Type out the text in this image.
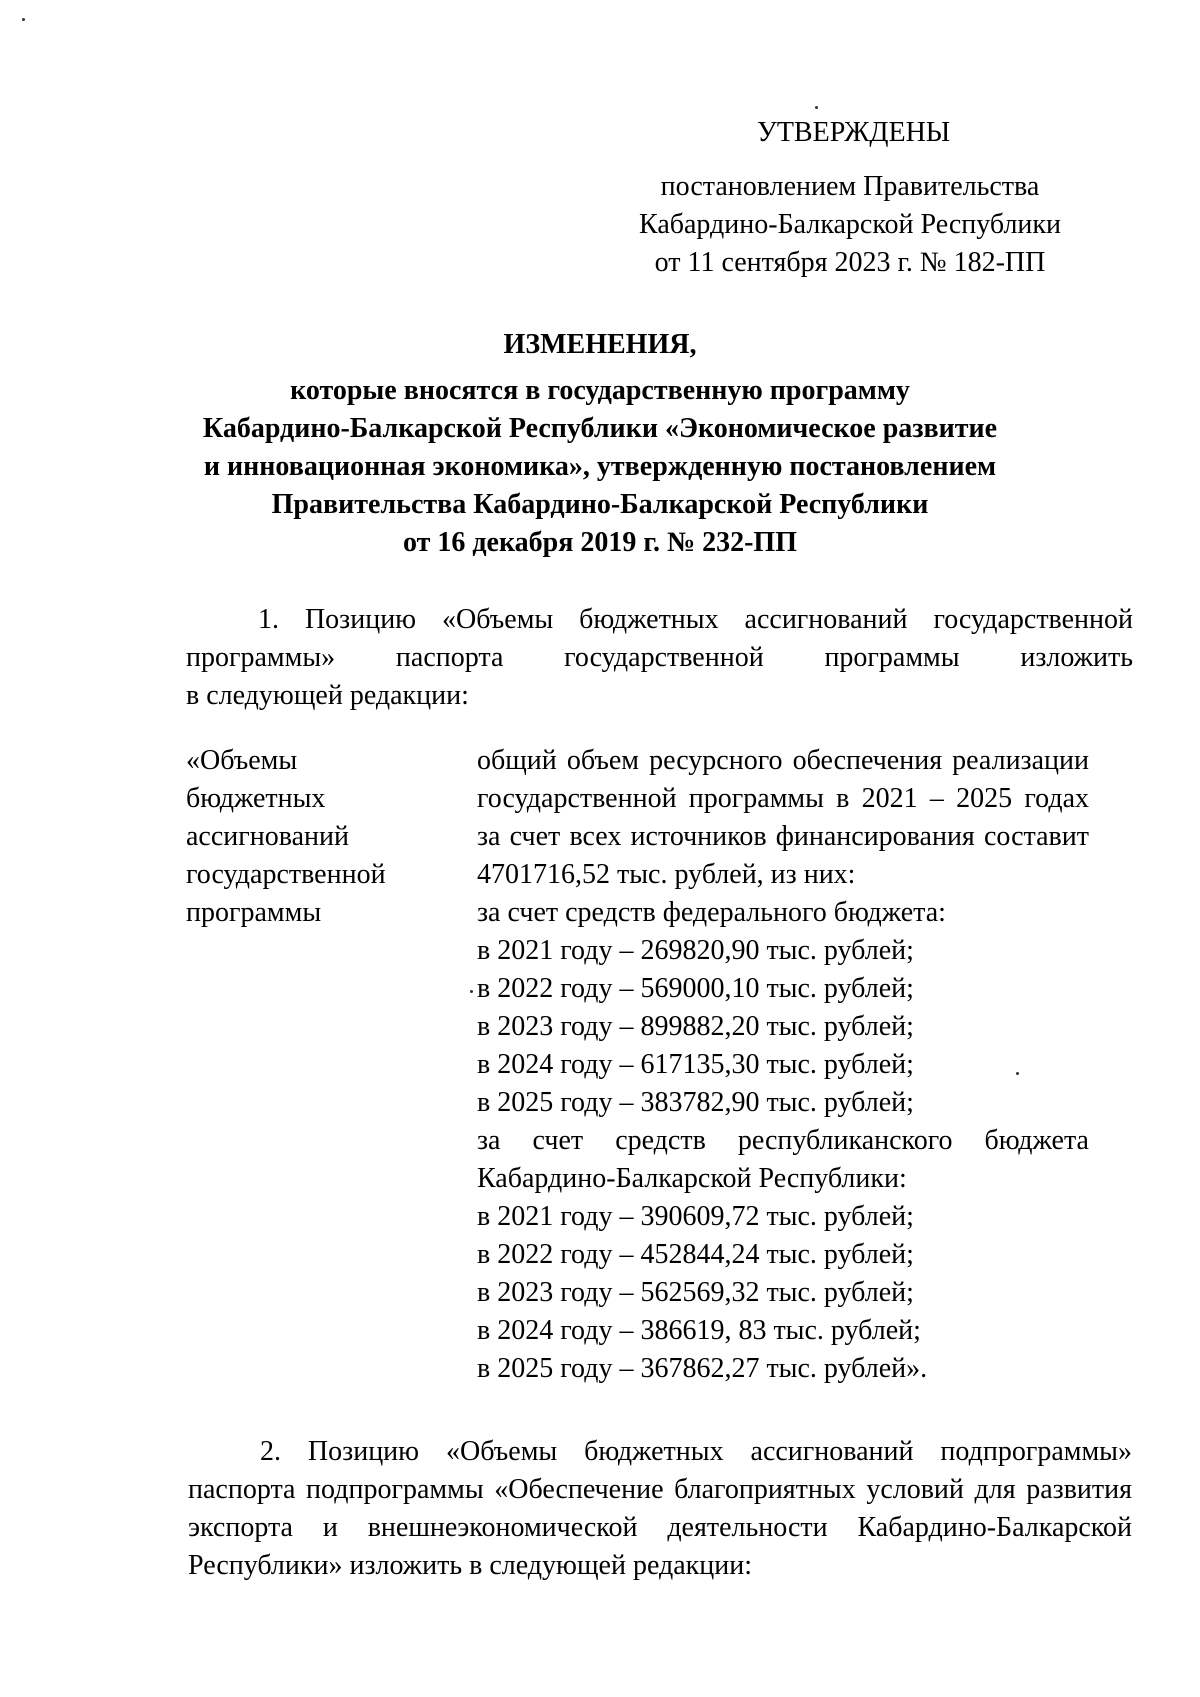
УТВЕРЖДЕНЫ
постановлением Правительства
Кабардино-Балкарской Республики
от 11 сентября 2023 г. № 182-ПП
ИЗМЕНЕНИЯ,
которые вносятся в государственную программу
Кабардино-Балкарской Республики «Экономическое развитие
и инновационная экономика», утвержденную постановлением
Правительства Кабардино-Балкарской Республики
от 16 декабря 2019 г. № 232-ПП
1. Позицию «Объемы бюджетных ассигнований государственной
программы» паспорта государственной программы изложить
в следующей редакции:
«Объемы
бюджетных
ассигнований
государственной
программы
общий объем ресурсного обеспечения реализации
государственной программы в 2021 – 2025 годах
за счет всех источников финансирования составит
4701716,52 тыс. рублей, из них:
за счет средств федерального бюджета:
в 2021 году – 269820,90 тыс. рублей;
в 2022 году – 569000,10 тыс. рублей;
в 2023 году – 899882,20 тыс. рублей;
в 2024 году – 617135,30 тыс. рублей;
в 2025 году – 383782,90 тыс. рублей;
за счет средств республиканского бюджета
Кабардино-Балкарской Республики:
в 2021 году – 390609,72 тыс. рублей;
в 2022 году – 452844,24 тыс. рублей;
в 2023 году – 562569,32 тыс. рублей;
в 2024 году – 386619, 83 тыс. рублей;
в 2025 году – 367862,27 тыс. рублей».
2. Позицию «Объемы бюджетных ассигнований подпрограммы»
паспорта подпрограммы «Обеспечение благоприятных условий для развития
экспорта и внешнеэкономической деятельности Кабардино-Балкарской
Республики» изложить в следующей редакции:
